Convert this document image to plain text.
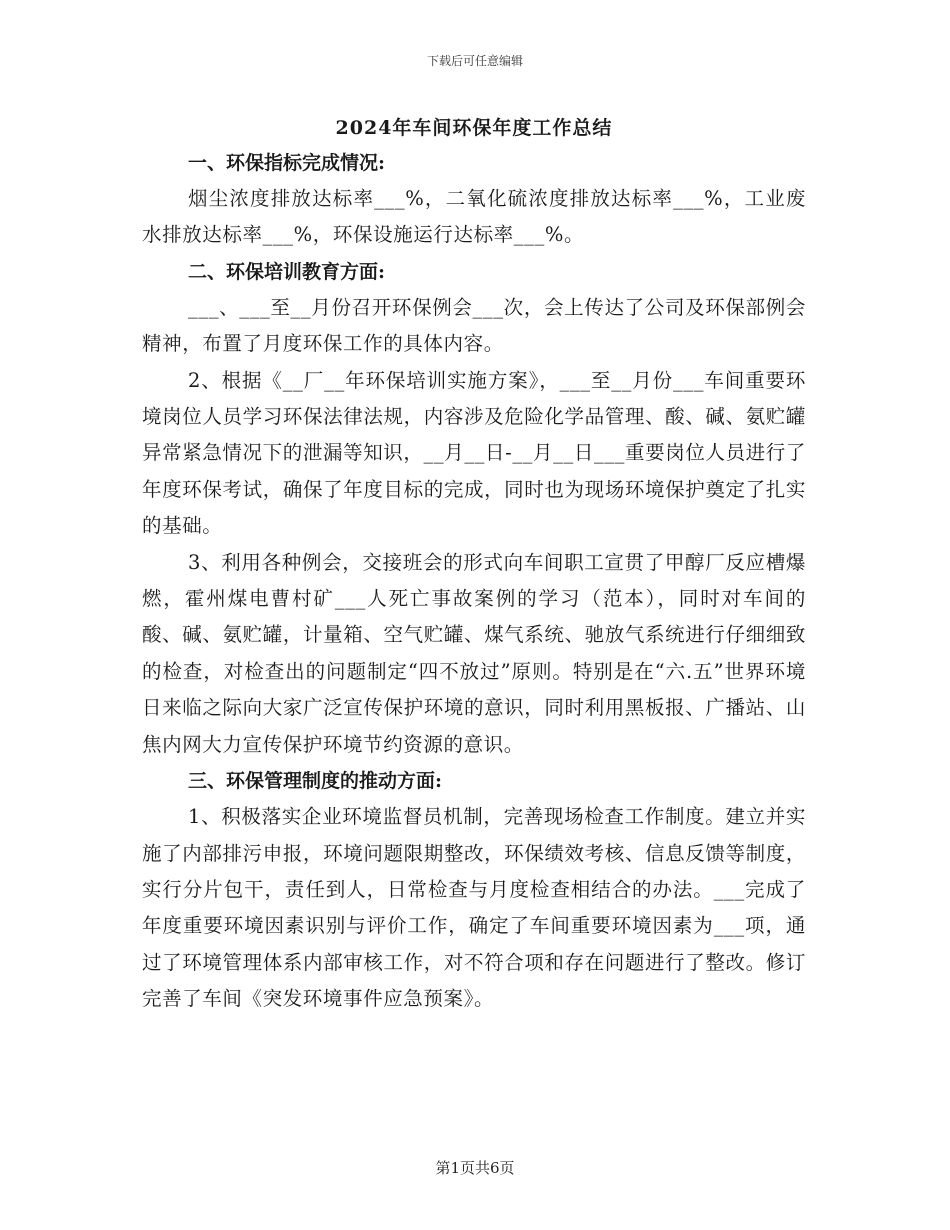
下载后可任意编辑
2024年车间环保年度工作总结
一、环保指标完成情况:

烟尘浓度排放达标率___%，二氧化硫浓度排放达标率___%，工业废水排放达标率___%，环保设施运行达标率___%。

二、环保培训教育方面:

___、___至__月份召开环保例会___次，会上传达了公司及环保部例会精神，布置了月度环保工作的具体内容。

2、根据《__厂__年环保培训实施方案》，___至__月份___车间重要环境岗位人员学习环保法律法规，内容涉及危险化学品管理、酸、碱、氨贮罐异常紧急情况下的泄漏等知识，__月__日-__月__日___重要岗位人员进行了年度环保考试，确保了年度目标的完成，同时也为现场环境保护奠定了扎实的基础。

3、利用各种例会，交接班会的形式向车间职工宣贯了甲醇厂反应槽爆燃，霍州煤电曹村矿___人死亡事故案例的学习（范本），同时对车间的酸、碱、氨贮罐，计量箱、空气贮罐、煤气系统、驰放气系统进行仔细细致的检查，对检查出的问题制定“四不放过”原则。特别是在“六.五”世界环境日来临之际向大家广泛宣传保护环境的意识，同时利用黑板报、广播站、山焦内网大力宣传保护环境节约资源的意识。

三、环保管理制度的推动方面:

1、积极落实企业环境监督员机制，完善现场检查工作制度。建立并实施了内部排污申报，环境问题限期整改，环保绩效考核、信息反馈等制度，实行分片包干，责任到人，日常检查与月度检查相结合的办法。___完成了年度重要环境因素识别与评价工作，确定了车间重要环境因素为___项，通过了环境管理体系内部审核工作，对不符合项和存在问题进行了整改。修订完善了车间《突发环境事件应急预案》。

第1页共6页
